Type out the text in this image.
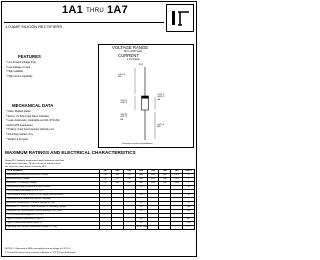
1A1 THRU 1A7
1.0 AMP SILICON RECTIFIERS
FEATURES
* Low forward voltage drop
* Low leakage current
* High reliability
* High current capability
MECHANICAL DATA
* Case: Molded plastic
* Epoxy: UL 94V-0 rate flame retardant
* Lead: Axial leads, solderable per MIL-STD-202,
method 208 guaranteed
* Polarity: Color band denotes cathode end
* Mounting position: Any
* Weight: 0.22 gram
VOLTAGE RANGE
50 to 1000 Volts
CURRENT
1.0 Ampere
A-1
1.0(25.4)
MIN.
.107(2.7)
.080(2.0)
DIA.
.205(5.2)
.160(4.1)
.034(.86)
.028(.71)
DIA.
1.0(25.4)
MIN.
Dimensions in inches and (millimeters)
MAXIMUM RATINGS AND ELECTRICAL CHARACTERISTICS
Rating 25°C ambient temperature unless otherwise specified.
Single phase half wave, 60 Hz, resistive or inductive load.
For capacitive load, derate current by 20%.
TYPE NUMBER	1A1	1A2	1A3	1A4	1A5	1A6	1A7	UNITS
Maximum Recurrent Peak Reverse Voltage	50	100	200	400	600	800	1000	V
Maximum RMS Voltage	35	70	140	280	420	560	700	V
Maximum DC Blocking Voltage	50	100	200	400	600	800	1000	V
Maximum Average Forward Rectified Current				1.0				A
.375"(9.5mm) lead length at Ta = 75°C								
Peak Forward Surge Current, 8.3 ms single half sine-wave				30				A
superimposed on rated load (JEDEC method)								
Maximum Instantaneous Forward Voltage at 1.0A				1.0				V
Maximum DC Reverse Current at Rated DC Blocking Voltage				5.0				uA
Maximum Full Load Reverse Current Average, Full Cycle				50				uA
.375"(9.5mm) lead length at TL = 75°C								
Typical Junction Capacitance (Note 1)				15				pF
Typical Thermal Resistance (Note 2)				50				°C/W
Operating and Storage Temperature Range TJ, Tstg				-65 to +150				°C
NOTES: 1. Measured at 1MHz and applied reverse voltage of 4.0V D.C.
2. Thermal Resistance from Junction to Ambient at .375"(9.5mm) lead length.
